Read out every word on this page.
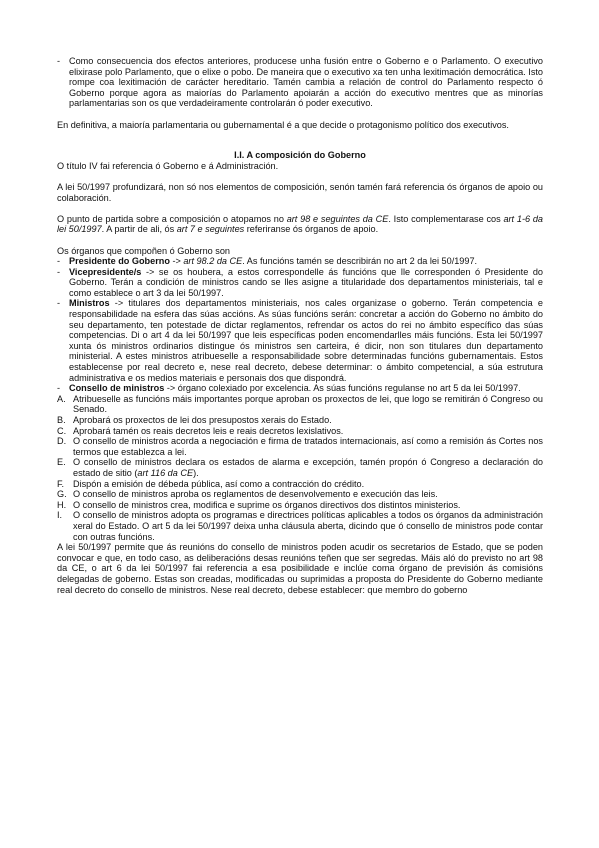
- Como consecuencia dos efectos anteriores, producese unha fusión entre o Goberno e o Parlamento. O executivo elixirase polo Parlamento, que o elixe o pobo. De maneira que o executivo xa ten unha lexitimación democrática. Isto rompe coa lexitimación de carácter hereditario. Tamén cambia a relación de control do Parlamento respecto ó Goberno porque agora as maiorías do Parlamento apoiarán a acción do executivo mentres que as minorías parlamentarias son os que verdadeiramente controlarán ó poder executivo.

En definitiva, a maioría parlamentaria ou gubernamental é a que decide o protagonismo político dos executivos.

I.I. A composición do Goberno

O título IV fai referencia ó Goberno e á Administración.

A lei 50/1997 profundizará, non só nos elementos de composición, senón tamén fará referencia ós órganos de apoio ou colaboración.

O punto de partida sobre a composición o atopamos no art 98 e seguintes da CE. Isto complementarase cos art 1-6 da lei 50/1997. A partir de ali, ós art 7 e seguintes referiranse ós órganos de apoio.

Os órganos que compoñen ó Goberno son

- Presidente do Goberno -> art 98.2 da CE. As funcións tamén se describirán no art 2 da lei 50/1997.

- Vicepresidente/s -> se os houbera, a estos correspondelle ás funcións que lle corresponden ó Presidente do Goberno. Terán a condición de ministros cando se lles asigne a titularidade dos departamentos ministeriais, tal e como establece o art 3 da lei 50/1997.

- Ministros -> titulares dos departamentos ministeriais, nos cales organizase o goberno. Terán competencia e responsabilidade na esfera das súas accións. As súas funcións serán: concretar a acción do Goberno no ámbito do seu departamento, ten potestade de dictar reglamentos, refrendar os actos do rei no ámbito específico das súas competencias. Di o art 4 da lei 50/1997 que leis específicas poden encomendarlles máis funcións. Esta lei 50/1997 xunta ós ministros ordinarios distingue ós ministros sen carteira, é dicir, non son titulares dun departamento ministerial. A estes ministros atribueselle a responsabilidade sobre determinadas funcións gubernamentais. Estos establecense por real decreto e, nese real decreto, debese determinar: o ámbito competencial, a súa estrutura administrativa e os medios materiais e personais dos que dispondrá.

- Consello de ministros -> órgano colexiado por excelencia. As súas funcións regulanse no art 5 da lei 50/1997.

A. Atribueselle as funcións máis importantes porque aproban os proxectos de lei, que logo se remitirán ó Congreso ou Senado.

B. Aprobará os proxectos de lei dos presupostos xerais do Estado.

C. Aprobará tamén os reais decretos leis e reais decretos lexislativos.

D. O consello de ministros acorda a negociación e firma de tratados internacionais, así como a remisión ás Cortes nos termos que establezca a lei.

E. O consello de ministros declara os estados de alarma e excepción, tamén propón ó Congreso a declaración do estado de sitio (art 116 da CE).

F. Dispón a emisión de débeda pública, así como a contracción do crédito.

G. O consello de ministros aproba os reglamentos de desenvolvemento e execución das leis.

H. O consello de ministros crea, modifica e suprime os órganos directivos dos distintos ministerios.

I.	O consello de ministros adopta os programas e directrices políticas aplicables a todos os órganos da administración xeral do Estado. O art 5 da lei 50/1997 deixa unha cláusula aberta, dicindo que ó consello de ministros pode contar con outras funcións.

A lei 50/1997 permite que ás reunións do consello de ministros poden acudir os secretarios de Estado, que se poden convocar e que, en todo caso, as deliberacións desas reunións teñen que ser segredas. Máis aló do previsto no art 98 da CE, o art 6 da lei 50/1997 fai referencia a esa posibilidade e inclúe coma órgano de previsión ás comisións delegadas de goberno. Estas son creadas, modificadas ou suprimidas a proposta do Presidente do Goberno mediante real decreto do consello de ministros. Nese real decreto, debese establecer: que membro do goberno
